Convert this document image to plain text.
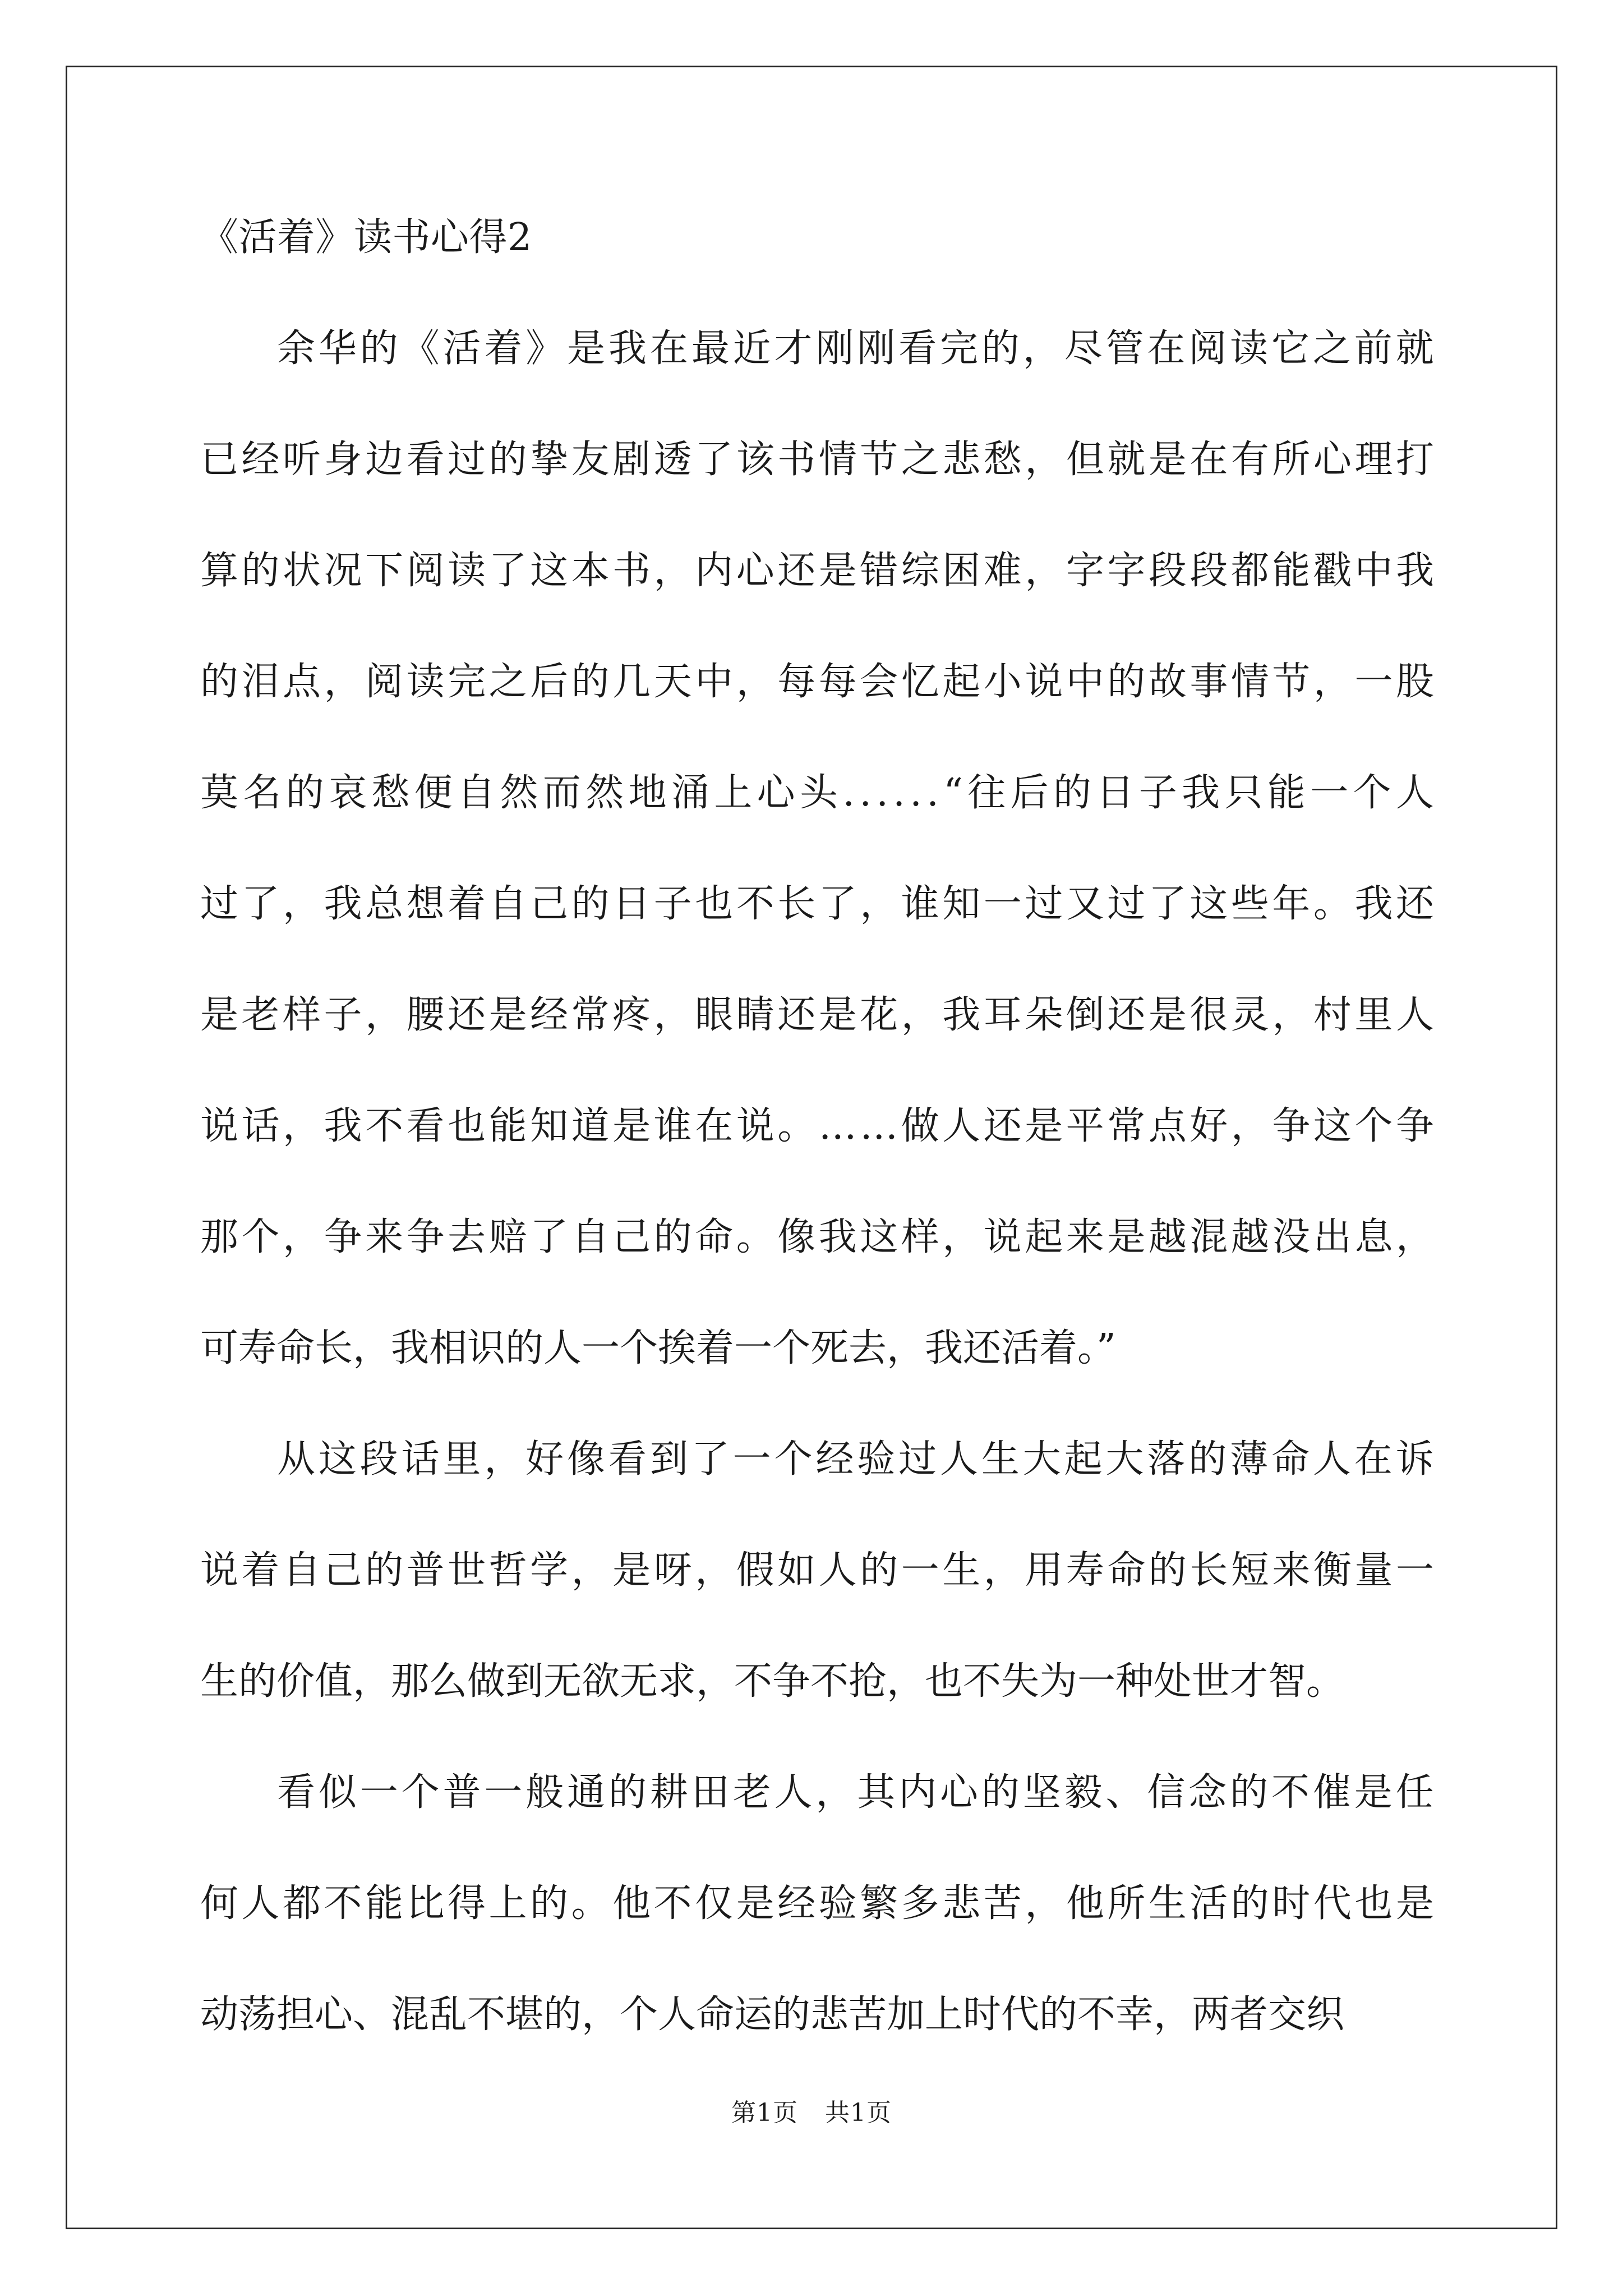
《活着》读书心得2
余 华 的 《 活 着 》 是 我 在 最 近 才 刚 刚 看 完 的 ， 尽 管 在 阅 读 它 之 前 就
已 经 听 身 边 看 过 的 挚 友 剧 透 了 该 书 情 节 之 悲 愁 ， 但 就 是 在 有 所 心 理 打
算 的 状 况 下 阅 读 了 这 本 书 ， 内 心 还 是 错 综 困 难 ， 字 字 段 段 都 能 戳 中 我
的 泪 点 ， 阅 读 完 之 后 的 几 天 中 ， 每 每 会 忆 起 小 说 中 的 故 事 情 节 ， 一 股
莫 名 的 哀 愁 便 自 然 而 然 地 涌 上 心 头 . . . . . . “ 往 后 的 日 子 我 只 能 一 个 人
过 了 ， 我 总 想 着 自 己 的 日 子 也 不 长 了 ， 谁 知 一 过 又 过 了 这 些 年 。 我 还
是 老 样 子 ， 腰 还 是 经 常 疼 ， 眼 睛 还 是 花 ， 我 耳 朵 倒 还 是 很 灵 ， 村 里 人
说 话 ， 我 不 看 也 能 知 道 是 谁 在 说 。 … … 做 人 还 是 平 常 点 好 ， 争 这 个 争
那 个 ， 争 来 争 去 赔 了 自 己 的 命 。 像 我 这 样 ， 说 起 来 是 越 混 越 没 出 息 ，
可寿命长，我相识的人一个挨着一个死去，我还活着。”
从 这 段 话 里 ， 好 像 看 到 了 一 个 经 验 过 人 生 大 起 大 落 的 薄 命 人 在 诉
说 着 自 己 的 普 世 哲 学 ， 是 呀 ， 假 如 人 的 一 生 ， 用 寿 命 的 长 短 来 衡 量 一
生的价值，那么做到无欲无求，不争不抢，也不失为一种处世才智。
看 似 一 个 普 一 般 通 的 耕 田 老 人 ， 其 内 心 的 坚 毅 、 信 念 的 不 催 是 任
何 人 都 不 能 比 得 上 的 。 他 不 仅 是 经 验 繁 多 悲 苦 ， 他 所 生 活 的 时 代 也 是
动荡担心、混乱不堪的，个人命运的悲苦加上时代的不幸，两者交织
第1页 共1页
